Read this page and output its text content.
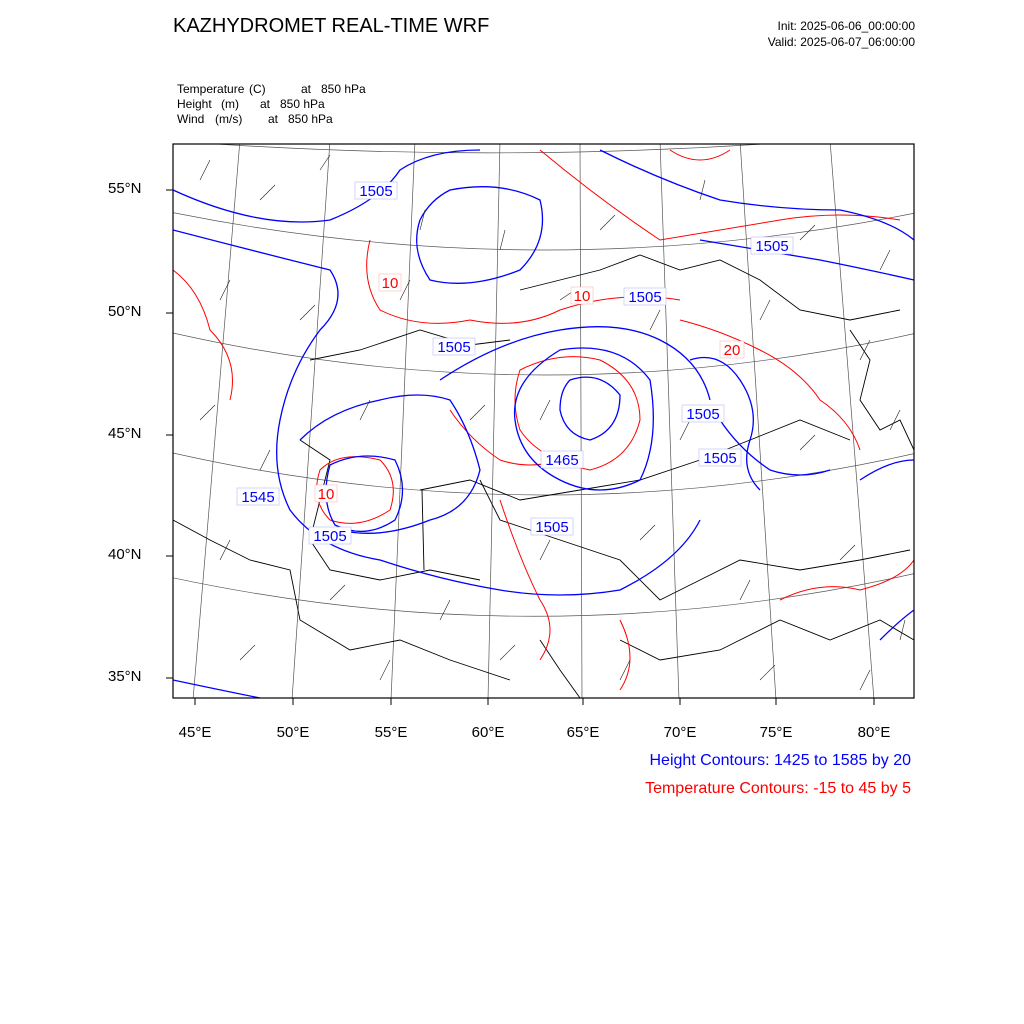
KAZHYDROMET REAL-TIME WRF	Init: 2025-06-06_00:00:00
Valid: 2025-06-07_06:00:00
Temperature (C)	at 850 hPa
Height (m) at 850 hPa
Wind (m/s) at 850 hPa
1505
1505
1505
1505
1505
1465	1505
1505
1545
1505
10
10
20
10
55°N
50°N
45°N
40°N
35°N
45°E	50°E	55°E	60°E	65°E	70°E	75°E	80°E
Height Contours: 1425 to 1585 by 20
Temperature Contours: -15 to 45 by 5
